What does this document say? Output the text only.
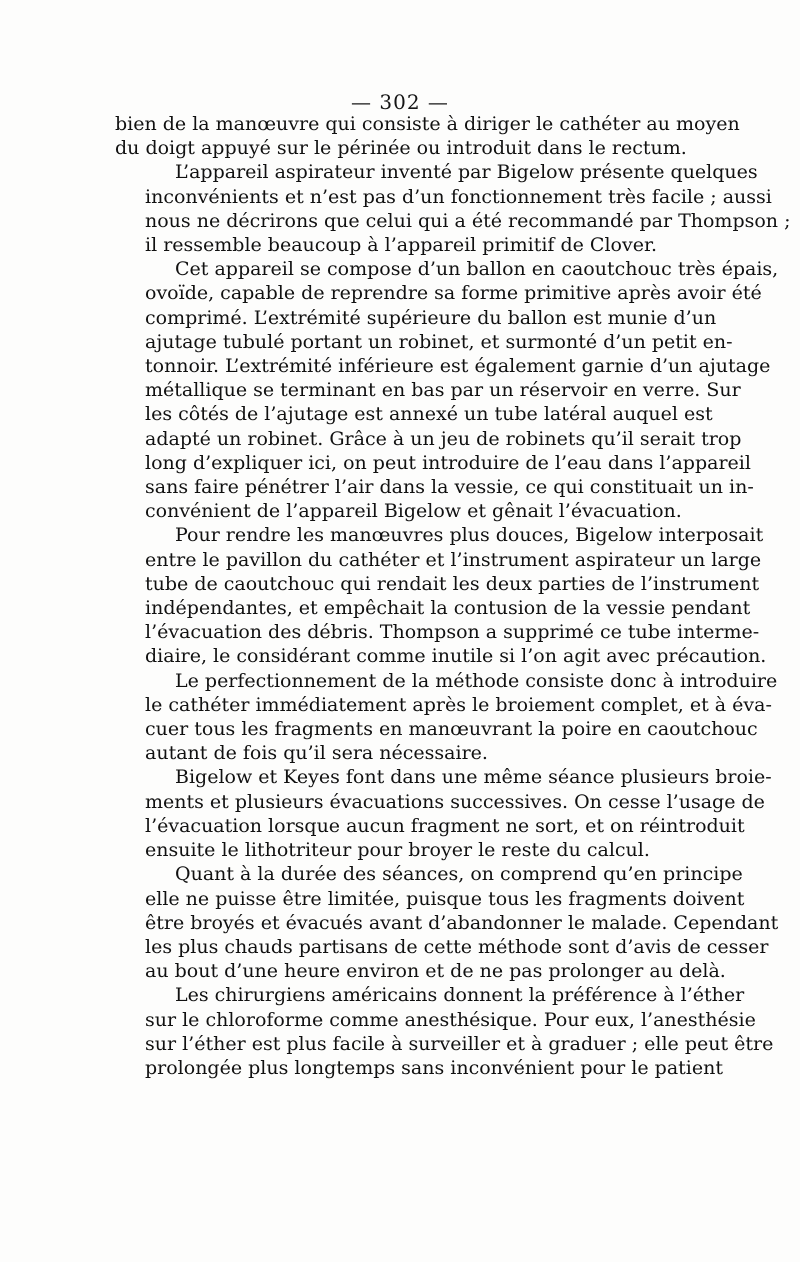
— 302 —
bien de la manœuvre qui consiste à diriger le cathéter au moyen
du doigt appuyé sur le périnée ou introduit dans le rectum.
L’appareil aspirateur inventé par Bigelow présente quelques
inconvénients et n’est pas d’un fonctionnement très facile ; aussi
nous ne décrirons que celui qui a été recommandé par Thompson ;
il ressemble beaucoup à l’appareil primitif de Clover.
Cet appareil se compose d’un ballon en caoutchouc très épais,
ovoïde, capable de reprendre sa forme primitive après avoir été
comprimé. L’extrémité supérieure du ballon est munie d’un
ajutage tubulé portant un robinet, et surmonté d’un petit en-
tonnoir. L’extrémité inférieure est également garnie d’un ajutage
métallique se terminant en bas par un réservoir en verre. Sur
les côtés de l’ajutage est annexé un tube latéral auquel est
adapté un robinet. Grâce à un jeu de robinets qu’il serait trop
long d’expliquer ici, on peut introduire de l’eau dans l’appareil
sans faire pénétrer l’air dans la vessie, ce qui constituait un in-
convénient de l’appareil Bigelow et gênait l’évacuation.
Pour rendre les manœuvres plus douces, Bigelow interposait
entre le pavillon du cathéter et l’instrument aspirateur un large
tube de caoutchouc qui rendait les deux parties de l’instrument
indépendantes, et empêchait la contusion de la vessie pendant
l’évacuation des débris. Thompson a supprimé ce tube interme-
diaire, le considérant comme inutile si l’on agit avec précaution.
Le perfectionnement de la méthode consiste donc à introduire
le cathéter immédiatement après le broiement complet, et à éva-
cuer tous les fragments en manœuvrant la poire en caoutchouc
autant de fois qu’il sera nécessaire.
Bigelow et Keyes font dans une même séance plusieurs broie-
ments et plusieurs évacuations successives. On cesse l’usage de
l’évacuation lorsque aucun fragment ne sort, et on réintroduit
ensuite le lithotriteur pour broyer le reste du calcul.
Quant à la durée des séances, on comprend qu’en principe
elle ne puisse être limitée, puisque tous les fragments doivent
être broyés et évacués avant d’abandonner le malade. Cependant
les plus chauds partisans de cette méthode sont d’avis de cesser
au bout d’une heure environ et de ne pas prolonger au delà.
Les chirurgiens américains donnent la préférence à l’éther
sur le chloroforme comme anesthésique. Pour eux, l’anesthésie
sur l’éther est plus facile à surveiller et à graduer ; elle peut être
prolongée plus longtemps sans inconvénient pour le patient
